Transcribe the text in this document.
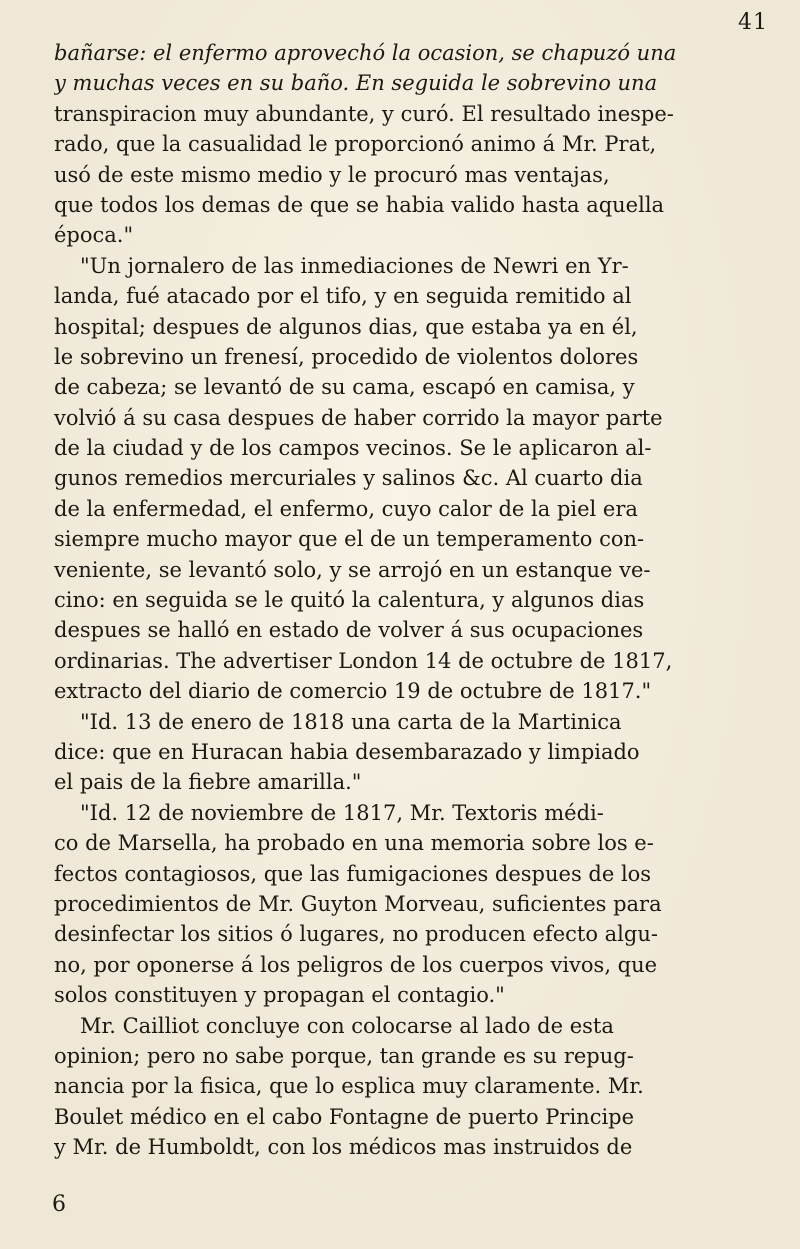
41
bañarse: el enfermo aprovechó la ocasion, se chapuzó una
y muchas veces en su baño. En seguida le sobrevino una
transpiracion muy abundante, y curó. El resultado inespe-
rado, que la casualidad le proporcionó animo á Mr. Prat,
usó de este mismo medio y le procuró mas ventajas,
que todos los demas de que se habia valido hasta aquella
época."
"Un jornalero de las inmediaciones de Newri en Yr-
landa, fué atacado por el tifo, y en seguida remitido al
hospital; despues de algunos dias, que estaba ya en él,
le sobrevino un frenesí, procedido de violentos dolores
de cabeza; se levantó de su cama, escapó en camisa, y
volvió á su casa despues de haber corrido la mayor parte
de la ciudad y de los campos vecinos. Se le aplicaron al-
gunos remedios mercuriales y salinos &c. Al cuarto dia
de la enfermedad, el enfermo, cuyo calor de la piel era
siempre mucho mayor que el de un temperamento con-
veniente, se levantó solo, y se arrojó en un estanque ve-
cino: en seguida se le quitó la calentura, y algunos dias
despues se halló en estado de volver á sus ocupaciones
ordinarias. The advertiser London 14 de octubre de 1817,
extracto del diario de comercio 19 de octubre de 1817."
"Id. 13 de enero de 1818 una carta de la Martinica
dice: que en Huracan habia desembarazado y limpiado
el pais de la fiebre amarilla."
"Id. 12 de noviembre de 1817, Mr. Textoris médi-
co de Marsella, ha probado en una memoria sobre los e-
fectos contagiosos, que las fumigaciones despues de los
procedimientos de Mr. Guyton Morveau, suficientes para
desinfectar los sitios ó lugares, no producen efecto algu-
no, por oponerse á los peligros de los cuerpos vivos, que
solos constituyen y propagan el contagio."
Mr. Cailliot concluye con colocarse al lado de esta
opinion; pero no sabe porque, tan grande es su repug-
nancia por la fisica, que lo esplica muy claramente. Mr.
Boulet médico en el cabo Fontagne de puerto Principe
y Mr. de Humboldt, con los médicos mas instruidos de
6
